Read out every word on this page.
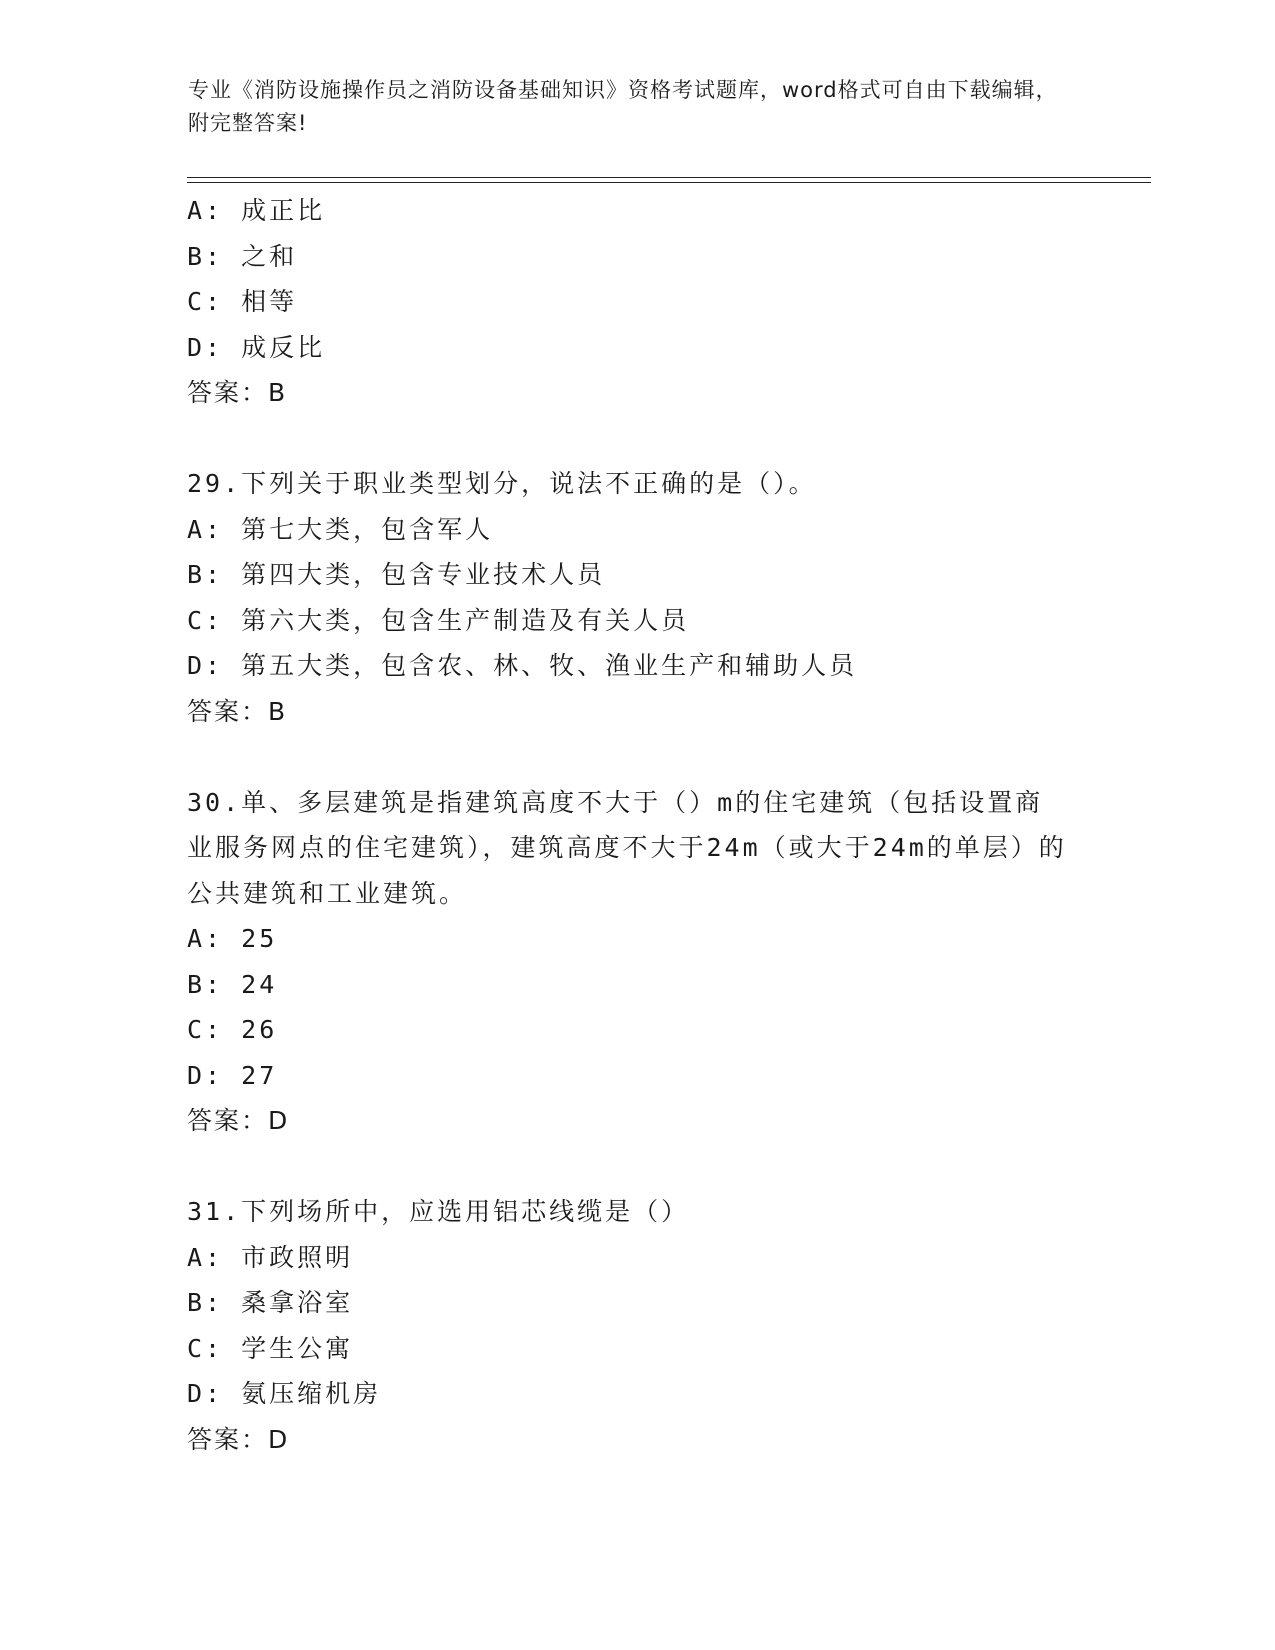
专业《消防设施操作员之消防设备基础知识》资格考试题库，word格式可自由下载编辑，附完整答案!
A: 成正比
B: 之和
C: 相等
D: 成反比
答案：B
29.下列关于职业类型划分，说法不正确的是（）。
A: 第七大类，包含军人
B: 第四大类，包含专业技术人员
C: 第六大类，包含生产制造及有关人员
D: 第五大类，包含农、林、牧、渔业生产和辅助人员
答案：B
30.单、多层建筑是指建筑高度不大于（）m的住宅建筑（包括设置商业服务网点的住宅建筑），建筑高度不大于24m（或大于24m的单层）的公共建筑和工业建筑。
A: 25
B: 24
C: 26
D: 27
答案：D
31.下列场所中，应选用铝芯线缆是（）
A: 市政照明
B: 桑拿浴室
C: 学生公寓
D: 氨压缩机房
答案：D
